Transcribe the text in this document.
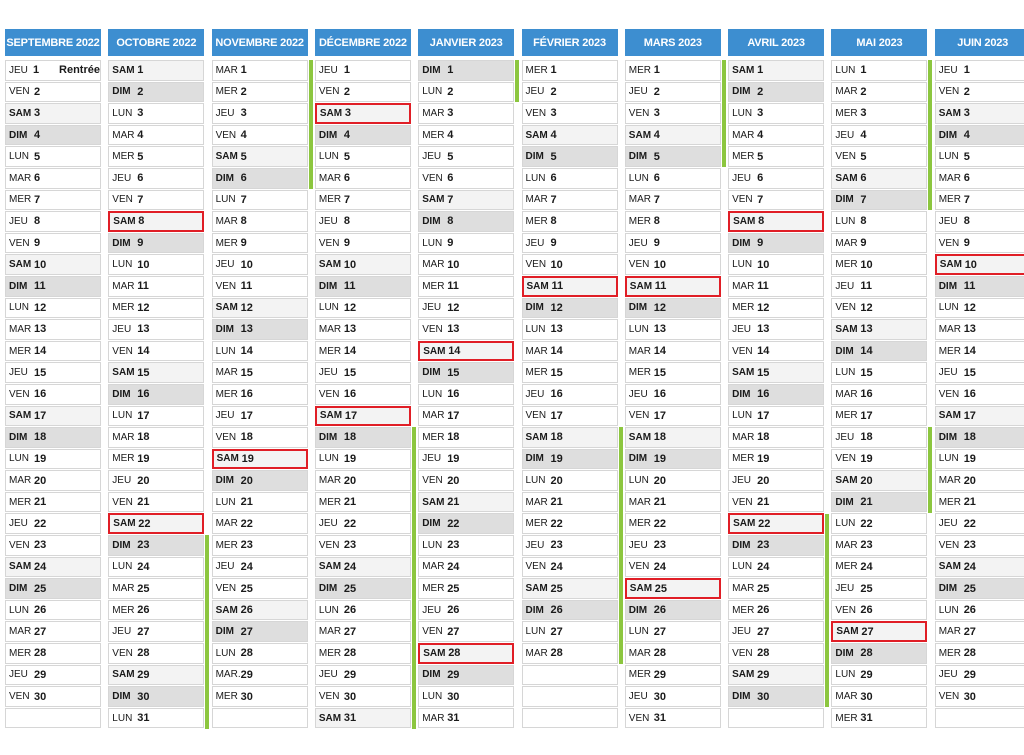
SEPTEMBRE 2022
JEU 1	Rentrée
VEN 2
SAM 3
DIM 4
LUN 5
MAR 6
MER 7
JEU 8
VEN 9
SAM 10
DIM 11
LUN 12
MAR 13
MER 14
JEU 15
VEN 16
SAM 17
DIM 18
LUN 19
MAR 20
MER 21
JEU 22
VEN 23
SAM 24
DIM 25
LUN 26
MAR 27
MER 28
JEU 29
VEN 30
OCTOBRE 2022
SAM 1
DIM 2
LUN 3
MAR 4
MER 5
JEU 6
VEN 7
SAM 8
DIM 9
LUN 10
MAR 11
MER 12
JEU 13
VEN 14
SAM 15
DIM 16
LUN 17
MAR 18
MER 19
JEU 20
VEN 21
SAM 22
DIM 23
LUN 24
MAR 25
MER 26
JEU 27
VEN 28
SAM 29
DIM 30
LUN 31
NOVEMBRE 2022
MAR 1
MER 2
JEU 3
VEN 4
SAM 5
DIM 6
LUN 7
MAR 8
MER 9
JEU 10
VEN 11
SAM 12
DIM 13
LUN 14
MAR 15
MER 16
JEU 17
VEN 18
SAM 19
DIM 20
LUN 21
MAR 22
MER 23
JEU 24
VEN 25
SAM 26
DIM 27
LUN 28
MAR. 29
MER 30
DÉCEMBRE 2022
JEU 1
VEN 2
SAM 3
DIM 4
LUN 5
MAR 6
MER 7
JEU 8
VEN 9
SAM 10
DIM 11
LUN 12
MAR 13
MER 14
JEU 15
VEN 16
SAM 17
DIM 18
LUN 19
MAR 20
MER 21
JEU 22
VEN 23
SAM 24
DIM 25
LUN 26
MAR 27
MER 28
JEU 29
VEN 30
SAM 31
JANVIER 2023
DIM 1
LUN 2
MAR 3
MER 4
JEU 5
VEN 6
SAM 7
DIM 8
LUN 9
MAR 10
MER 11
JEU 12
VEN 13
SAM 14
DIM 15
LUN 16
MAR 17
MER 18
JEU 19
VEN 20
SAM 21
DIM 22
LUN 23
MAR 24
MER 25
JEU 26
VEN 27
SAM 28
DIM 29
LUN 30
MAR 31
FÉVRIER 2023
MER 1
JEU 2
VEN 3
SAM 4
DIM 5
LUN 6
MAR 7
MER 8
JEU 9
VEN 10
SAM 11
DIM 12
LUN 13
MAR 14
MER 15
JEU 16
VEN 17
SAM 18
DIM 19
LUN 20
MAR 21
MER 22
JEU 23
VEN 24
SAM 25
DIM 26
LUN 27
MAR 28
MARS 2023
MER 1
JEU 2
VEN 3
SAM 4
DIM 5
LUN 6
MAR 7
MER 8
JEU 9
VEN 10
SAM 11
DIM 12
LUN 13
MAR 14
MER 15
JEU 16
VEN 17
SAM 18
DIM 19
LUN 20
MAR 21
MER 22
JEU 23
VEN 24
SAM 25
DIM 26
LUN 27
MAR 28
MER 29
JEU 30
VEN 31
AVRIL 2023
SAM 1
DIM 2
LUN 3
MAR 4
MER 5
JEU 6
VEN 7
SAM 8
DIM 9
LUN 10
MAR 11
MER 12
JEU 13
VEN 14
SAM 15
DIM 16
LUN 17
MAR 18
MER 19
JEU 20
VEN 21
SAM 22
DIM 23
LUN 24
MAR 25
MER 26
JEU 27
VEN 28
SAM 29
DIM 30
MAI 2023
LUN 1
MAR 2
MER 3
JEU 4
VEN 5
SAM 6
DIM 7
LUN 8
MAR 9
MER 10
JEU 11
VEN 12
SAM 13
DIM 14
LUN 15
MAR 16
MER 17
JEU 18
VEN 19
SAM 20
DIM 21
LUN 22
MAR 23
MER 24
JEU 25
VEN 26
SAM 27
DIM 28
LUN 29
MAR 30
MER 31
JUIN 2023
JEU 1
VEN 2
SAM 3
DIM 4
LUN 5
MAR 6
MER 7
JEU 8
VEN 9
SAM 10
DIM 11
LUN 12
MAR 13
MER 14
JEU 15
VEN 16
SAM 17
DIM 18
LUN 19
MAR 20
MER 21
JEU 22
VEN 23
SAM 24
DIM 25
LUN 26
MAR 27
MER 28
JEU 29
VEN 30
